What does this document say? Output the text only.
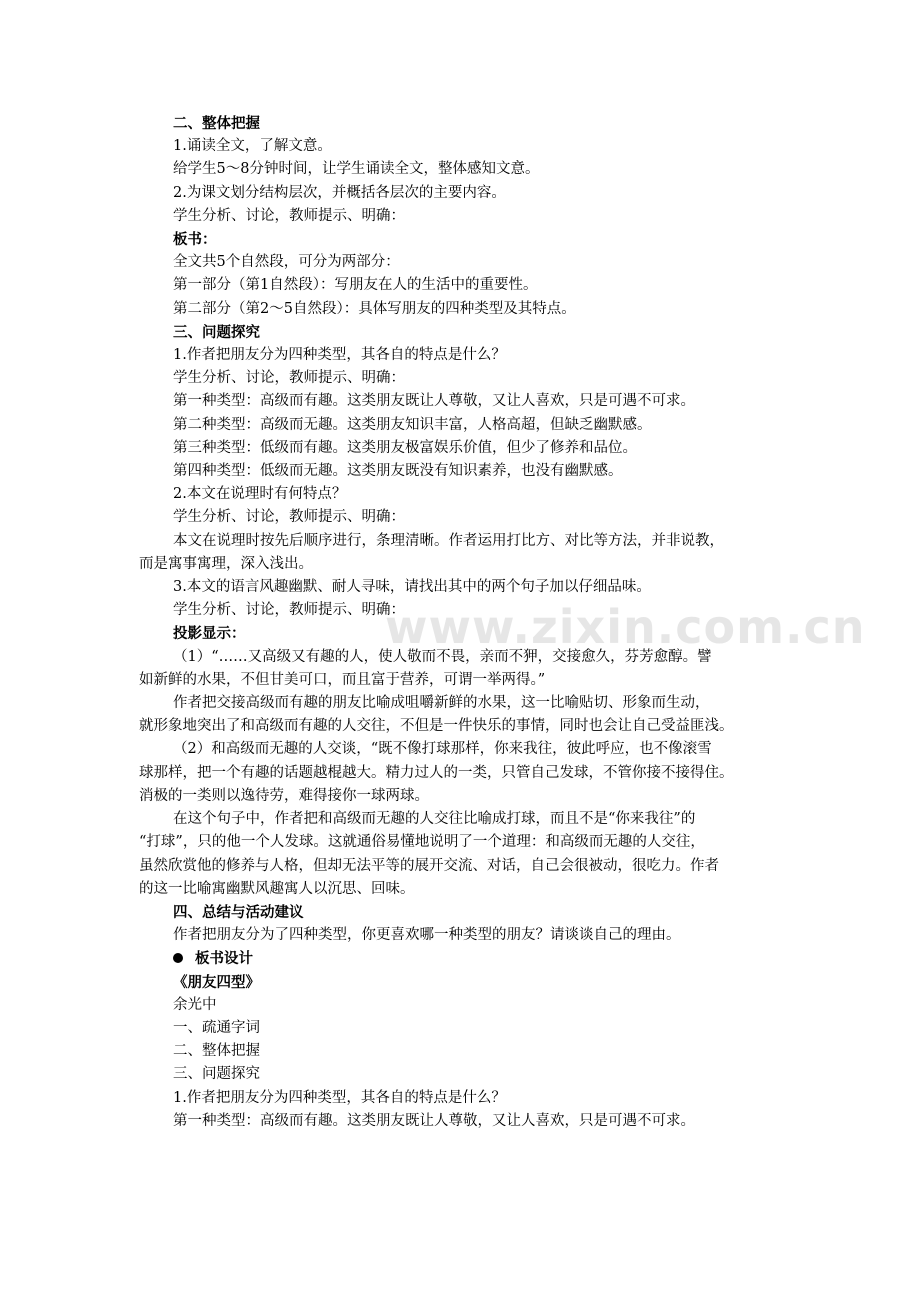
www.zixin.com.cn

二、整体把握

1.诵读全文，了解文意。

给学生5～8分钟时间，让学生诵读全文，整体感知文意。

2.为课文划分结构层次，并概括各层次的主要内容。

学生分析、讨论，教师提示、明确：

板书：

全文共5个自然段，可分为两部分：

第一部分（第1自然段）：写朋友在人的生活中的重要性。

第二部分（第2～5自然段）：具体写朋友的四种类型及其特点。

三、问题探究

1.作者把朋友分为四种类型，其各自的特点是什么？

学生分析、讨论，教师提示、明确：

第一种类型：高级而有趣。这类朋友既让人尊敬，又让人喜欢，只是可遇不可求。

第二种类型：高级而无趣。这类朋友知识丰富，人格高超，但缺乏幽默感。

第三种类型：低级而有趣。这类朋友极富娱乐价值，但少了修养和品位。

第四种类型：低级而无趣。这类朋友既没有知识素养，也没有幽默感。

2.本文在说理时有何特点？

学生分析、讨论，教师提示、明确：

本文在说理时按先后顺序进行，条理清晰。作者运用打比方、对比等方法，并非说教，

而是寓事寓理，深入浅出。

3.本文的语言风趣幽默、耐人寻味，请找出其中的两个句子加以仔细品味。

学生分析、讨论，教师提示、明确：

投影显示：

（1）“……又高级又有趣的人，使人敬而不畏，亲而不狎，交接愈久，芬芳愈醇。譬

如新鲜的水果，不但甘美可口，而且富于营养，可谓一举两得。”

作者把交接高级而有趣的朋友比喻成咀嚼新鲜的水果，这一比喻贴切、形象而生动，

就形象地突出了和高级而有趣的人交往，不但是一件快乐的事情，同时也会让自己受益匪浅。

（2）和高级而无趣的人交谈，“既不像打球那样，你来我往，彼此呼应，也不像滚雪

球那样，把一个有趣的话题越棍越大。精力过人的一类，只管自己发球，不管你接不接得住。

消极的一类则以逸待劳，难得接你一球两球。

在这个句子中，作者把和高级而无趣的人交往比喻成打球，而且不是“你来我往”的

“打球”，只的他一个人发球。这就通俗易懂地说明了一个道理：和高级而无趣的人交往，

虽然欣赏他的修养与人格，但却无法平等的展开交流、对话，自己会很被动，很吃力。作者

的这一比喻寓幽默风趣寓人以沉思、回味。

四、总结与活动建议

作者把朋友分为了四种类型，你更喜欢哪一种类型的朋友？请谈谈自己的理由。

板书设计

《朋友四型》

余光中

一、疏通字词

二、整体把握

三、问题探究

1.作者把朋友分为四种类型，其各自的特点是什么？

第一种类型：高级而有趣。这类朋友既让人尊敬，又让人喜欢，只是可遇不可求。
